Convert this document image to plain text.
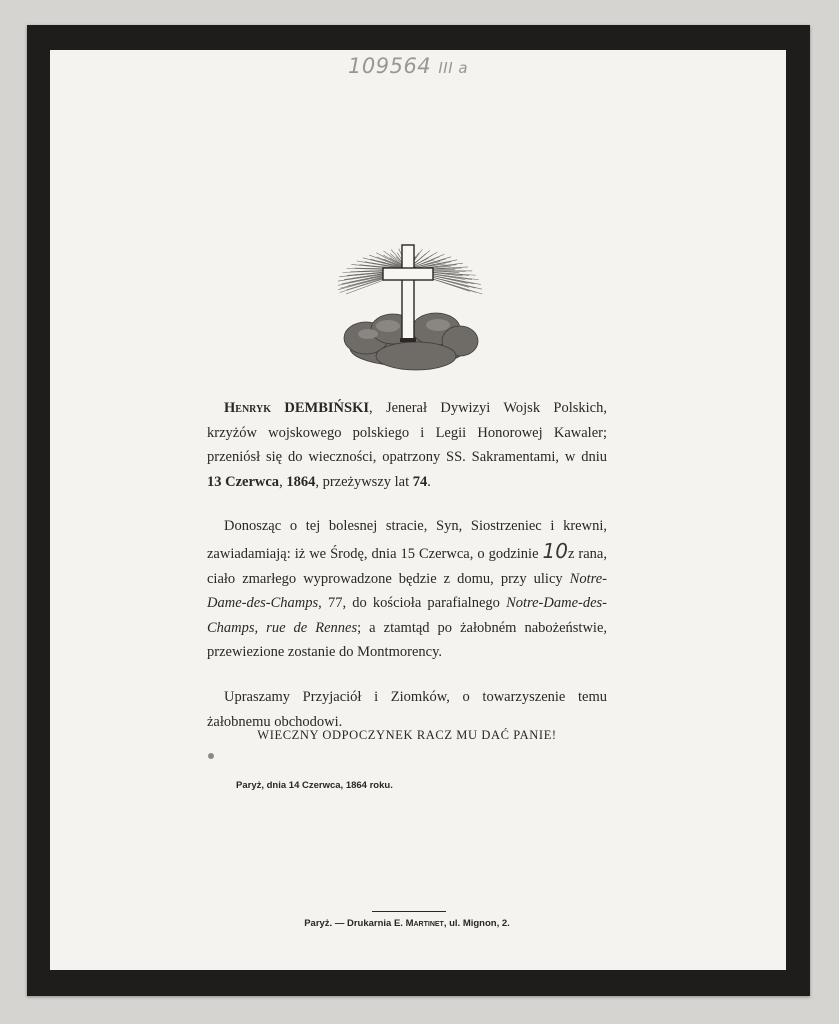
109564 III a

Henryk DEMBIŃSKI, Jenerał Dywizyi Wojsk Polskich, krzyżów wojskowego polskiego i Legii Honorowej Kawaler; przeniósł się do wieczności, opatrzony SS. Sakramentami, w dniu 13 Czerwca, 1864, przeżywszy lat 74.

Donosząc o tej bolesnej stracie, Syn, Siostrzeniec i krewni, zawiadamiają: iż we Środę, dnia 15 Czerwca, o godzinie 10z rana, ciało zmarłego wyprowadzone będzie z domu, przy ulicy Notre-Dame-des-Champs, 77, do kościoła parafialnego Notre-Dame-des-Champs, rue de Rennes; a ztamtąd po żałobném nabożeństwie, przewiezione zostanie do Montmorency.

Upraszamy Przyjaciół i Ziomków, o towarzyszenie temu żałobnemu obchodowi.

WIECZNY ODPOCZYNEK RACZ MU DAĆ PANIE!
Paryż, dnia 14 Czerwca, 1864 roku.
Paryż. — Drukarnia E. Martinet, ul. Mignon, 2.
